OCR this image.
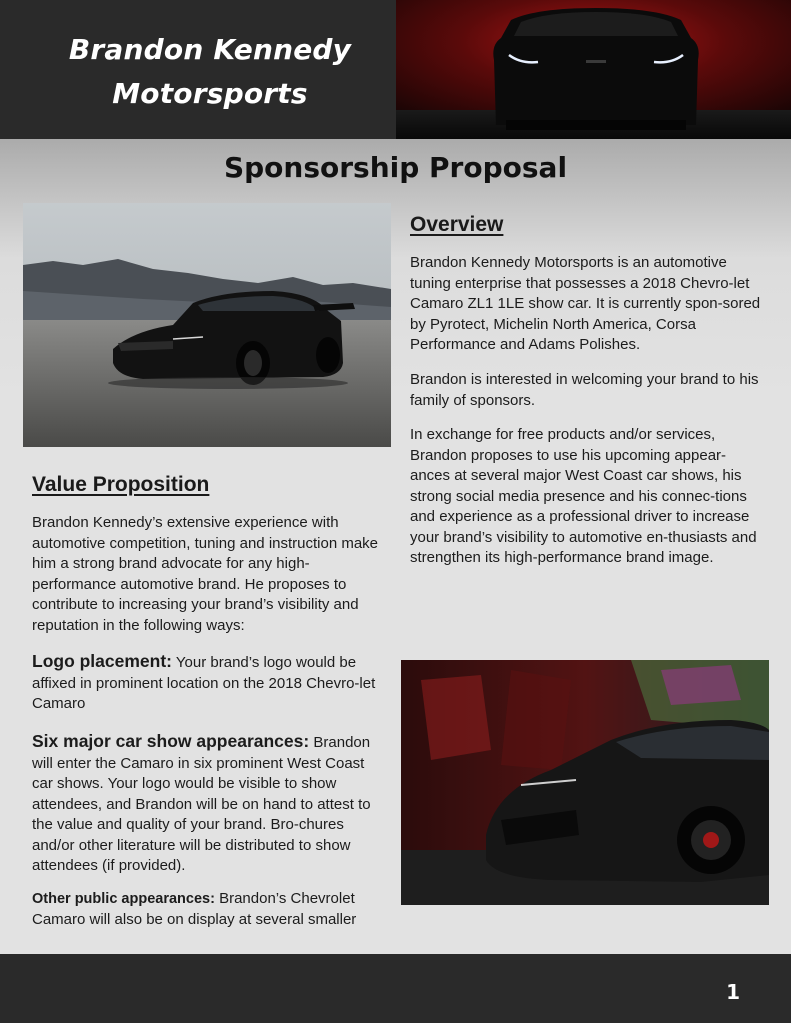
Brandon Kennedy
Motorsports
Sponsorship Proposal
Overview

Brandon Kennedy Motorsports is an automotive tuning enterprise that possesses a 2018 Chevro-let Camaro ZL1 1LE show car. It is currently spon-sored by Pyrotect, Michelin North America, Corsa Performance and Adams Polishes.

Brandon is interested in welcoming your brand to his family of sponsors.

In exchange for free products and/or services, Brandon proposes to use his upcoming appear-ances at several major West Coast car shows, his strong social media presence and his connec-tions and experience as a professional driver to increase your brand’s visibility to automotive en-thusiasts and strengthen its high-performance brand image.

Value Proposition

Brandon Kennedy’s extensive experience with automotive competition, tuning and instruction make him a strong brand advocate for any high-performance automotive brand. He proposes to contribute to increasing your brand’s visibility and reputation in the following ways:

Logo placement: Your brand’s logo would be affixed in prominent location on the 2018 Chevro-let Camaro

Six major car show appearances: Brandon will enter the Camaro in six prominent West Coast car shows. Your logo would be visible to show attendees, and Brandon will be on hand to attest to the value and quality of your brand. Bro-chures and/or other literature will be distributed to show attendees (if provided).

Other public appearances: Brandon’s Chevrolet Camaro will also be on display at several smaller

1
